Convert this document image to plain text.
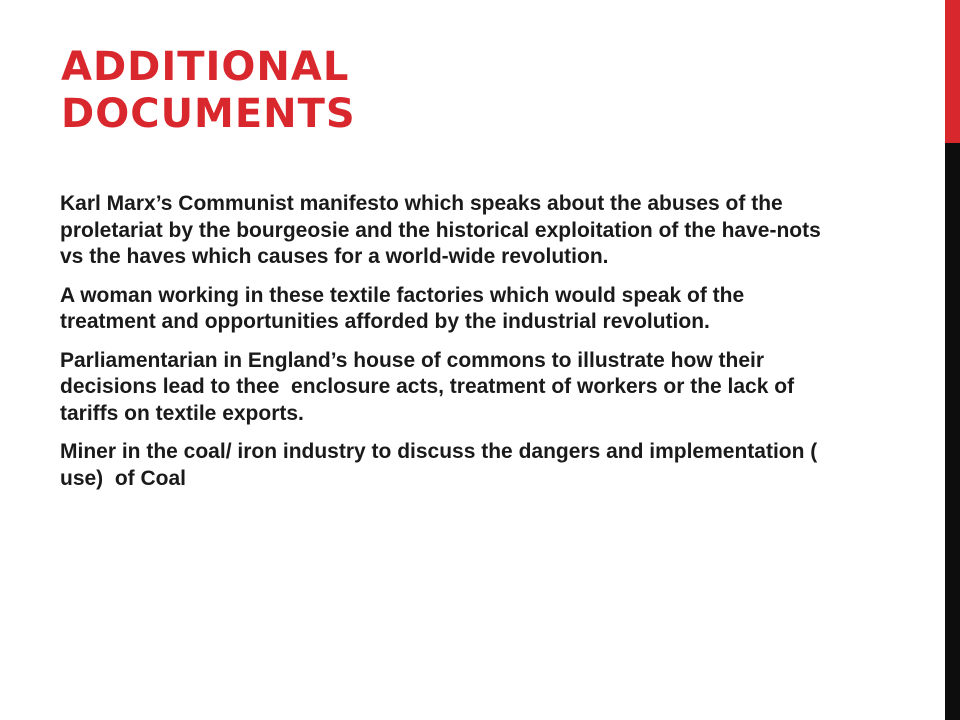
ADDITIONAL
DOCUMENTS

Karl Marx’s Communist manifesto which speaks about the abuses of the proletariat by the bourgeosie and the historical exploitation of the have-nots vs the haves which causes for a world-wide revolution.

A woman working in these textile factories which would speak of the treatment and opportunities afforded by the industrial revolution.

Parliamentarian in England’s house of commons to illustrate how their decisions lead to thee  enclosure acts, treatment of workers or the lack of tariffs on textile exports.

Miner in the coal/ iron industry to discuss the dangers and implementation ( use)  of Coal
